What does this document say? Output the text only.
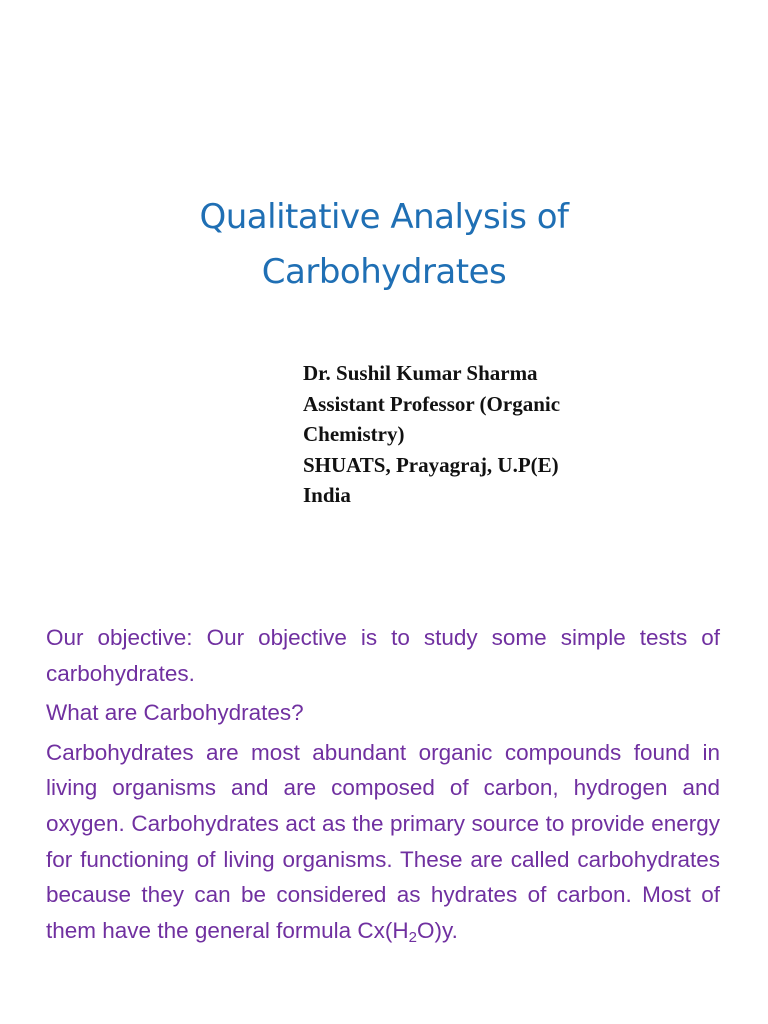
Qualitative Analysis of
Carbohydrates
Dr. Sushil Kumar Sharma
Assistant Professor (Organic
Chemistry)
SHUATS, Prayagraj, U.P(E)
India

Our objective: Our objective is to study some simple tests of carbohydrates.

What are Carbohydrates?

Carbohydrates are most abundant organic compounds found in living organisms and are composed of carbon, hydrogen and oxygen. Carbohydrates act as the primary source to provide energy for functioning of living organisms. These are called carbohydrates because they can be considered as hydrates of carbon. Most of them have the general formula $Cx(H_2O)y$.
